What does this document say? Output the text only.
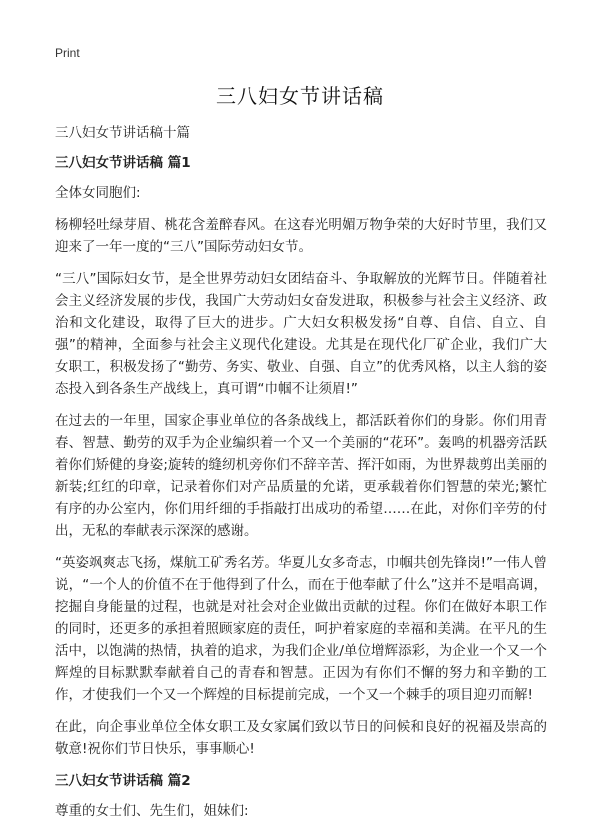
Print
三八妇女节讲话稿

三八妇女节讲话稿十篇

三八妇女节讲话稿 篇1

全体女同胞们:

杨柳轻吐绿芽眉、桃花含羞醉春风。在这春光明媚万物争荣的大好时节里，我们又迎来了一年一度的“三八”国际劳动妇女节。

“三八”国际妇女节，是全世界劳动妇女团结奋斗、争取解放的光辉节日。伴随着社会主义经济发展的步伐，我国广大劳动妇女奋发进取，积极参与社会主义经济、政治和文化建设，取得了巨大的进步。广大妇女积极发扬“自尊、自信、自立、自强”的精神，全面参与社会主义现代化建设。尤其是在现代化厂矿企业，我们广大女职工，积极发扬了“勤劳、务实、敬业、自强、自立”的优秀风格，以主人翁的姿态投入到各条生产战线上，真可谓“巾帼不让须眉!”

在过去的一年里，国家企事业单位的各条战线上，都活跃着你们的身影。你们用青春、智慧、勤劳的双手为企业编织着一个又一个美丽的“花环”。轰鸣的机器旁活跃着你们矫健的身姿;旋转的缝纫机旁你们不辞辛苦、挥汗如雨，为世界裁剪出美丽的新装;红红的印章，记录着你们对产品质量的允诺，更承载着你们智慧的荣光;繁忙有序的办公室内，你们用纤细的手指敲打出成功的希望……在此，对你们辛劳的付出，无私的奉献表示深深的感谢。

“英姿飒爽志飞扬，煤航工矿秀名芳。华夏儿女多奇志，巾帼共创先锋岗!”一伟人曾说，“一个人的价值不在于他得到了什么，而在于他奉献了什么”这并不是唱高调，挖掘自身能量的过程，也就是对社会对企业做出贡献的过程。你们在做好本职工作的同时，还更多的承担着照顾家庭的责任，呵护着家庭的幸福和美满。在平凡的生活中，以饱满的热情，执着的追求，为我们企业/单位增辉添彩，为企业一个又一个辉煌的目标默默奉献着自己的青春和智慧。正因为有你们不懈的努力和辛勤的工作，才使我们一个又一个辉煌的目标提前完成，一个又一个棘手的项目迎刃而解!

在此，向企事业单位全体女职工及女家属们致以节日的问候和良好的祝福及崇高的敬意!祝你们节日快乐，事事顺心!

三八妇女节讲话稿 篇2

尊重的女士们、先生们，姐妹们:
